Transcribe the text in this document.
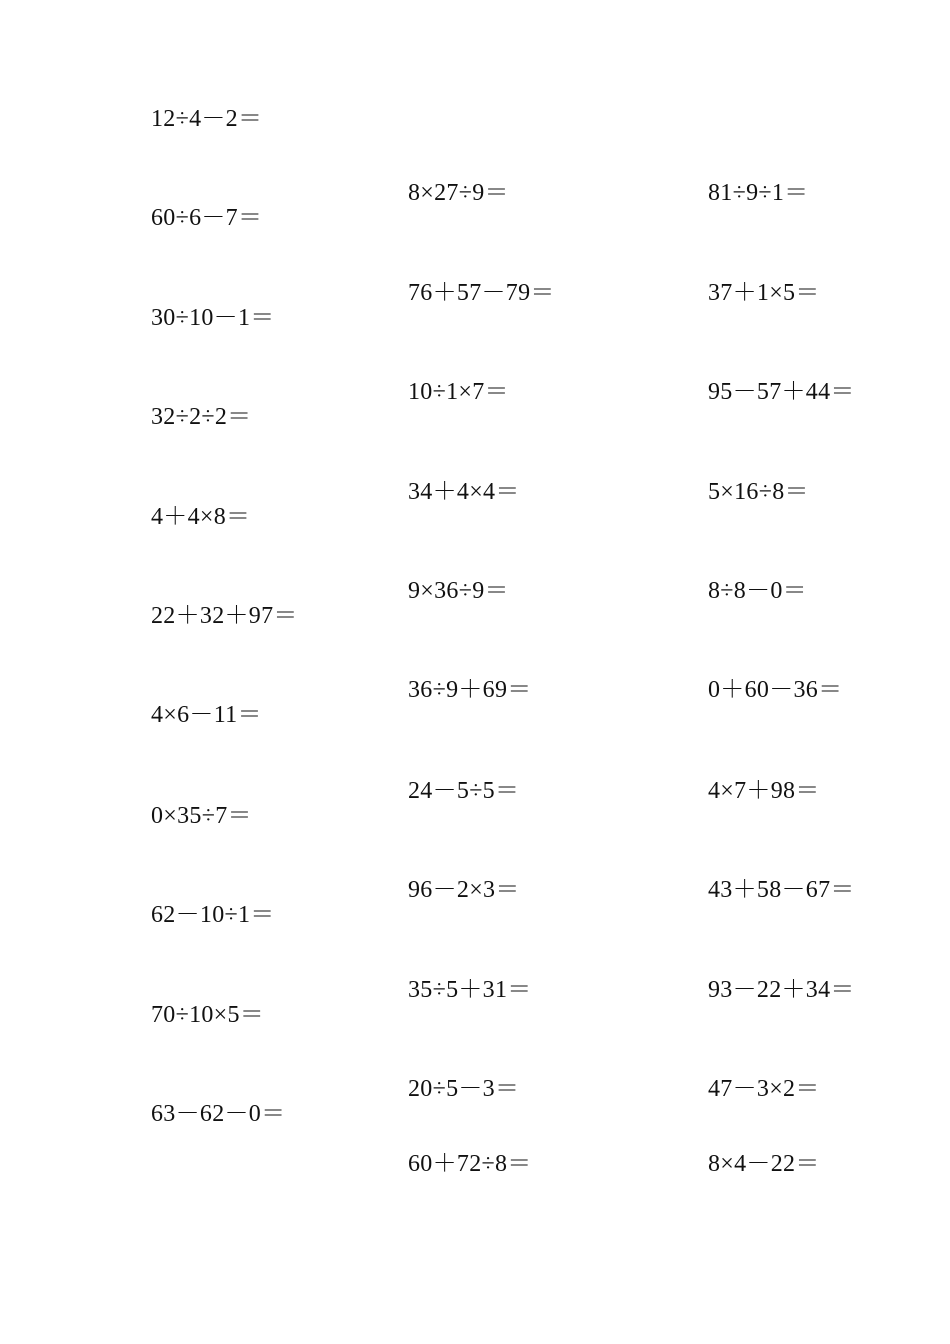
12÷4－2＝
60÷6－7＝
30÷10－1＝
32÷2÷2＝
4＋4×8＝
22＋32＋97＝
4×6－11＝
0×35÷7＝
62－10÷1＝
70÷10×5＝
63－62－0＝
8×27÷9＝
76＋57－79＝
10÷1×7＝
34＋4×4＝
9×36÷9＝
36÷9＋69＝
24－5÷5＝
96－2×3＝
35÷5＋31＝
20÷5－3＝
60＋72÷8＝
81÷9÷1＝
37＋1×5＝
95－57＋44＝
5×16÷8＝
8÷8－0＝
0＋60－36＝
4×7＋98＝
43＋58－67＝
93－22＋34＝
47－3×2＝
8×4－22＝
